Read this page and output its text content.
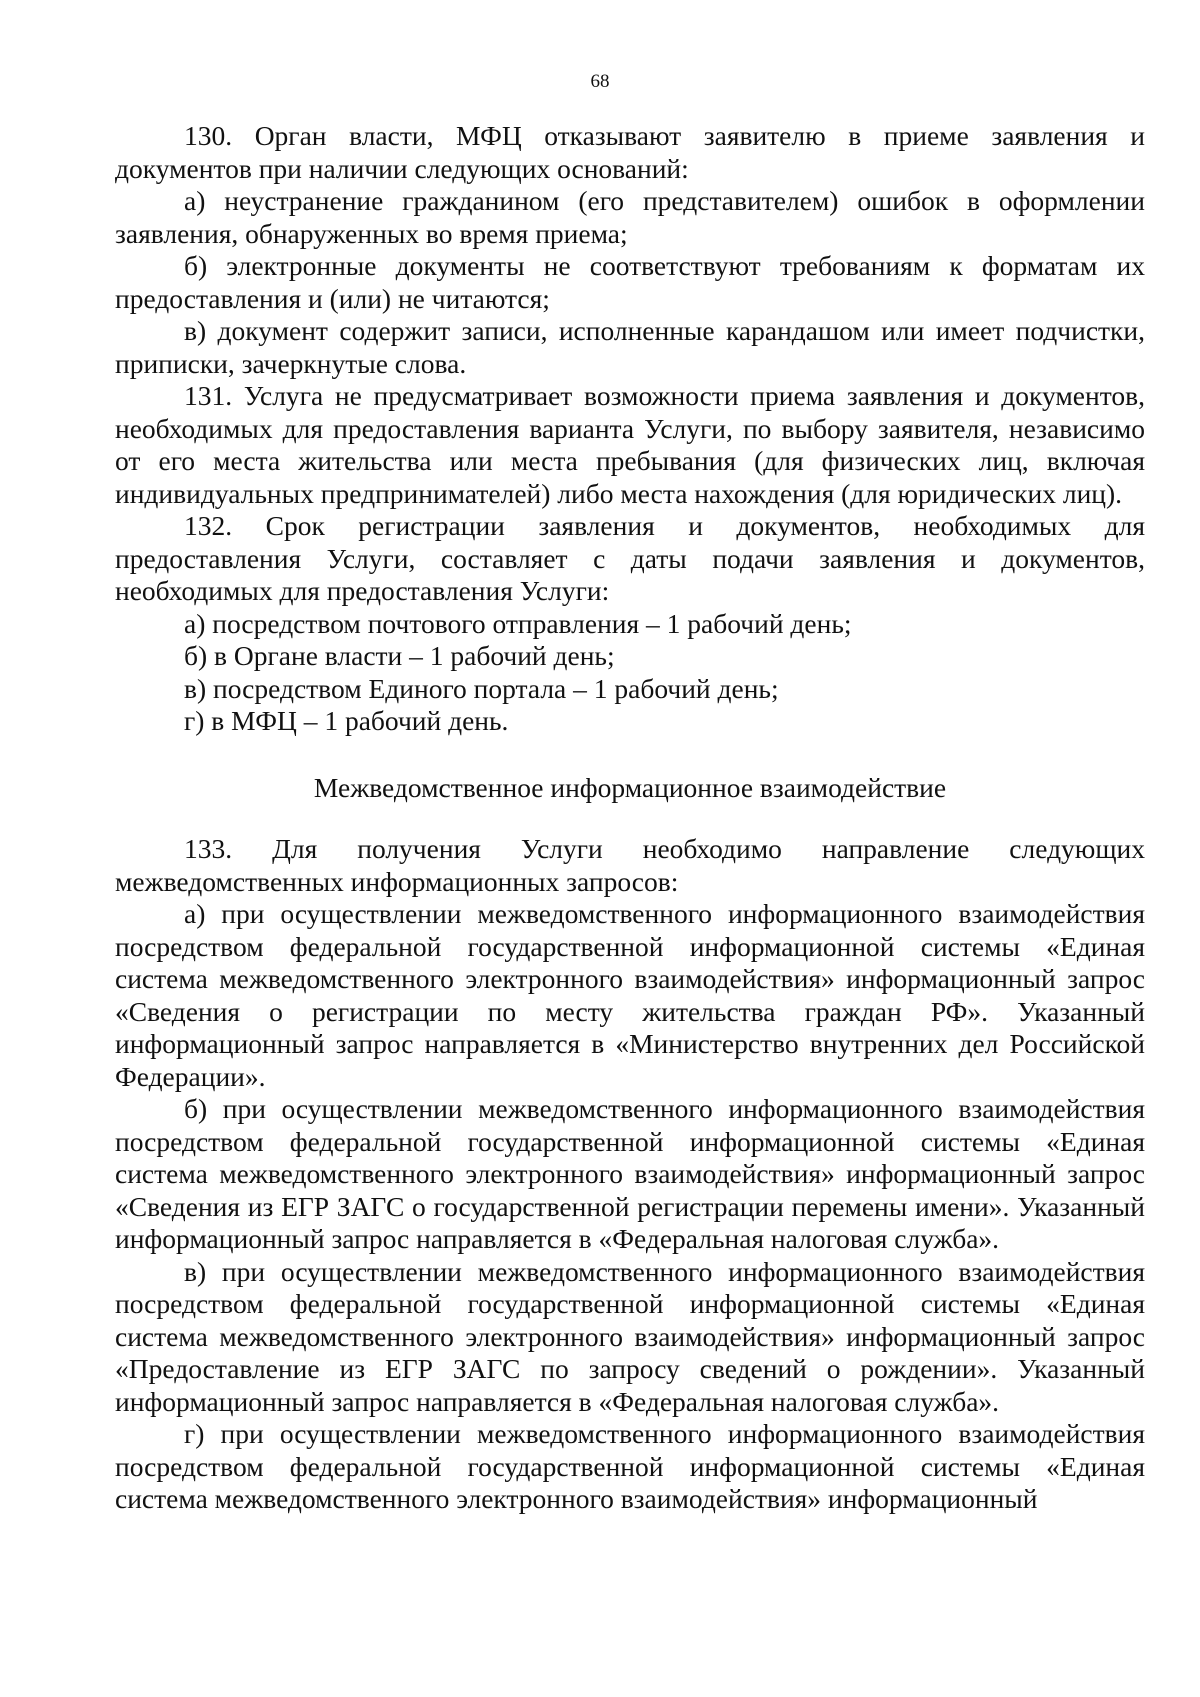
68

130. Орган власти, МФЦ отказывают заявителю в приеме заявления и документов при наличии следующих оснований:

а) неустранение гражданином (его представителем) ошибок в оформлении заявления, обнаруженных во время приема;

б) электронные документы не соответствуют требованиям к форматам их предоставления и (или) не читаются;

в) документ содержит записи, исполненные карандашом или имеет подчистки, приписки, зачеркнутые слова.

131. Услуга не предусматривает возможности приема заявления и документов, необходимых для предоставления варианта Услуги, по выбору заявителя, независимо от его места жительства или места пребывания (для физических лиц, включая индивидуальных предпринимателей) либо места нахождения (для юридических лиц).

132. Срок регистрации заявления и документов, необходимых для предоставления Услуги, составляет с даты подачи заявления и документов, необходимых для предоставления Услуги:

а) посредством почтового отправления – 1 рабочий день;

б) в Органе власти – 1 рабочий день;

в) посредством Единого портала – 1 рабочий день;

г) в МФЦ – 1 рабочий день.

Межведомственное информационное взаимодействие

133. Для получения Услуги необходимо направление следующих межведомственных информационных запросов:

а) при осуществлении межведомственного информационного взаимодействия посредством федеральной государственной информационной системы «Единая система межведомственного электронного взаимодействия» информационный запрос «Сведения о регистрации по месту жительства граждан РФ». Указанный информационный запрос направляется в «Министерство внутренних дел Российской Федерации».

б) при осуществлении межведомственного информационного взаимодействия посредством федеральной государственной информационной системы «Единая система межведомственного электронного взаимодействия» информационный запрос «Сведения из ЕГР ЗАГС о государственной регистрации перемены имени». Указанный информационный запрос направляется в «Федеральная налоговая служба».

в) при осуществлении межведомственного информационного взаимодействия посредством федеральной государственной информационной системы «Единая система межведомственного электронного взаимодействия» информационный запрос «Предоставление из ЕГР ЗАГС по запросу сведений о рождении». Указанный информационный запрос направляется в «Федеральная налоговая служба».

г) при осуществлении межведомственного информационного взаимодействия посредством федеральной государственной информационной системы «Единая система межведомственного электронного взаимодействия» информационный
